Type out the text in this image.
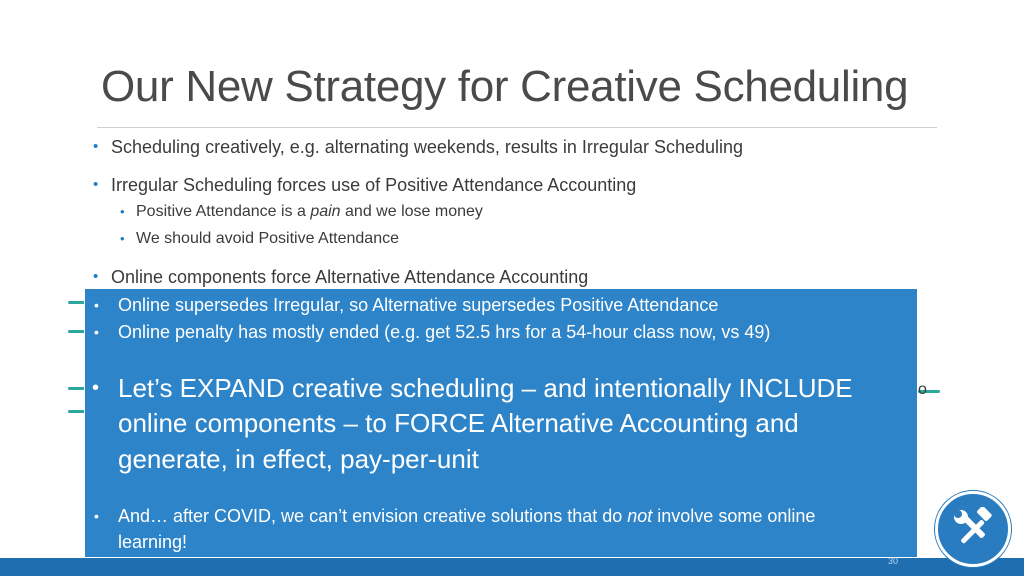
Our New Strategy for Creative Scheduling
• Scheduling creatively, e.g. alternating weekends, results in Irregular Scheduling
• Irregular Scheduling forces use of Positive Attendance Accounting
• Positive Attendance is a pain and we lose money
• We should avoid Positive Attendance
• Online components force Alternative Attendance Accounting
o
• Online supersedes Irregular, so Alternative supersedes Positive Attendance
• Online penalty has mostly ended (e.g. get 52.5 hrs for a 54-hour class now, vs 49)
• Let’s EXPAND creative scheduling – and intentionally INCLUDE
online components – to FORCE Alternative Accounting and
generate, in effect, pay-per-unit
• And… after COVID, we can’t envision creative solutions that do not involve some online
learning!
30
